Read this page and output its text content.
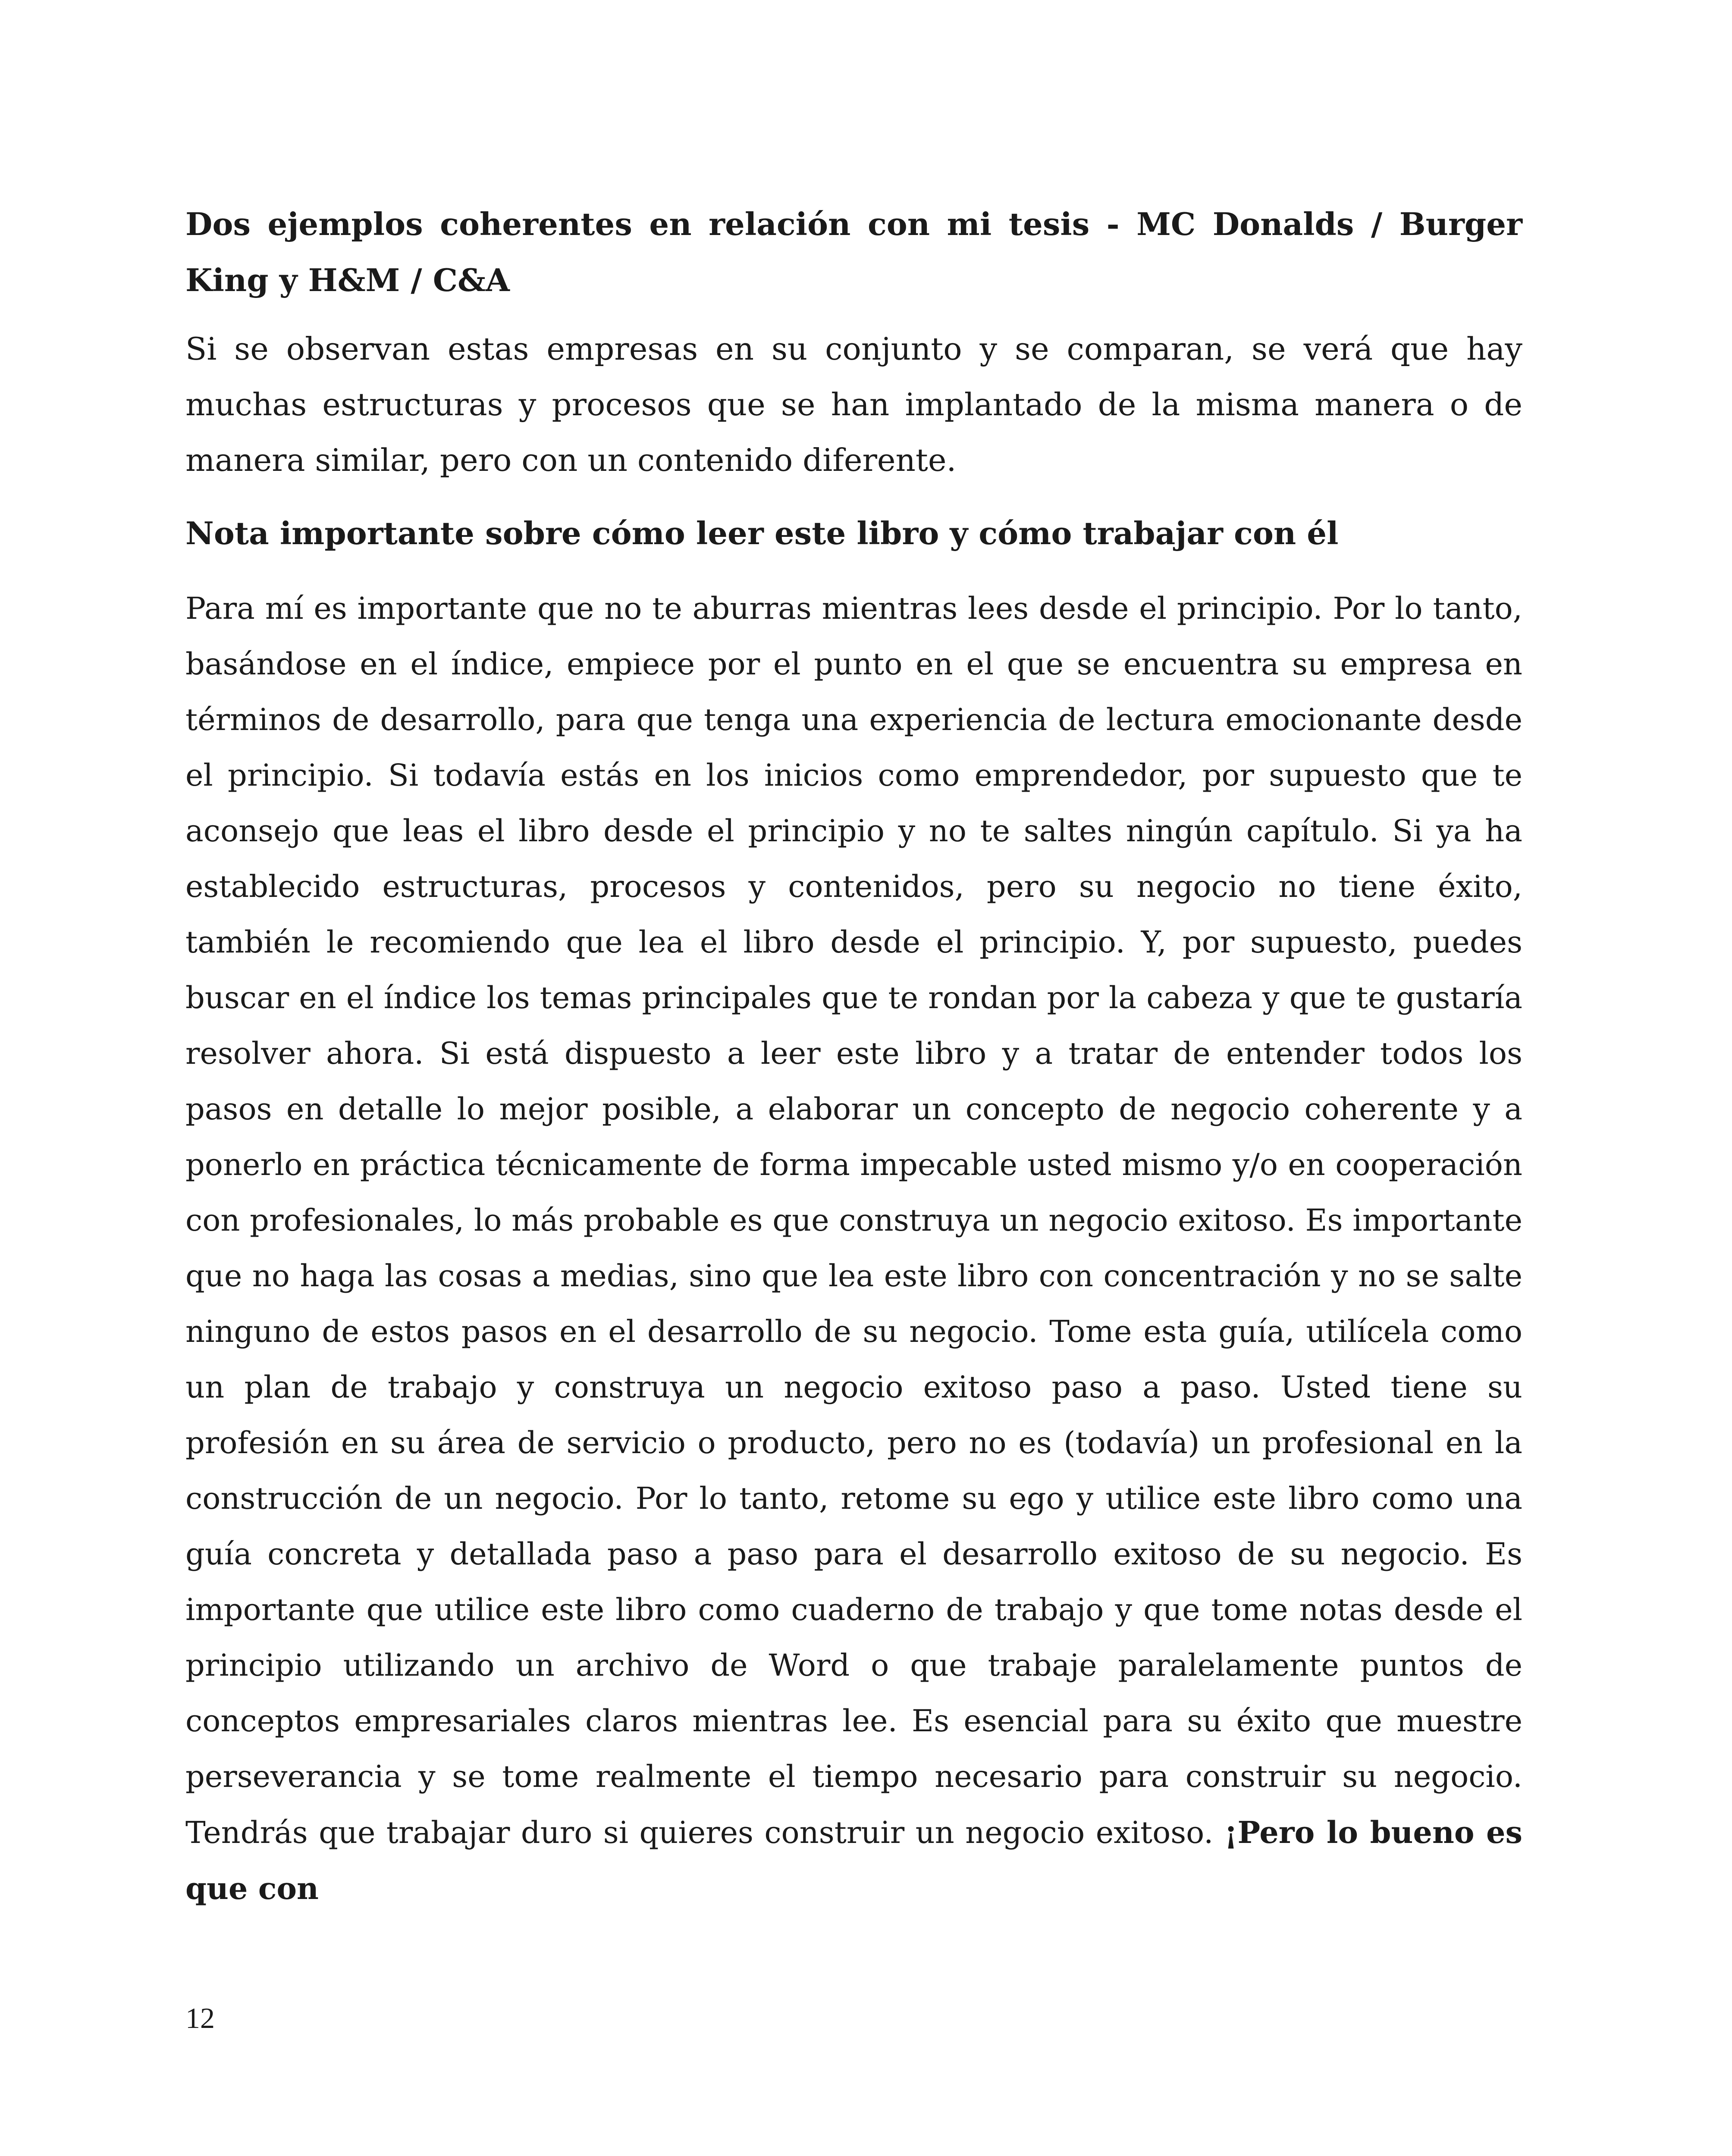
Dos ejemplos coherentes en relación con mi tesis - MC Donalds / Burger King y H&M / C&A

Si se observan estas empresas en su conjunto y se comparan, se verá que hay muchas estructuras y procesos que se han implantado de la misma manera o de manera similar, pero con un contenido diferente.

Nota importante sobre cómo leer este libro y cómo trabajar con él

Para mí es importante que no te aburras mientras lees desde el principio. Por lo tanto, basándose en el índice, empiece por el punto en el que se encuentra su empresa en términos de desarrollo, para que tenga una experiencia de lectura emocionante desde el principio. Si todavía estás en los inicios como emprendedor, por supuesto que te aconsejo que leas el libro desde el principio y no te saltes ningún capítulo. Si ya ha establecido estructuras, procesos y contenidos, pero su negocio no tiene éxito, también le recomiendo que lea el libro desde el principio. Y, por supuesto, puedes buscar en el índice los temas principales que te rondan por la cabeza y que te gustaría resolver ahora. Si está dispuesto a leer este libro y a tratar de entender todos los pasos en detalle lo mejor posible, a elaborar un concepto de negocio coherente y a ponerlo en práctica técnicamente de forma impecable usted mismo y/o en cooperación con profesionales, lo más probable es que construya un negocio exitoso. Es importante que no haga las cosas a medias, sino que lea este libro con concentración y no se salte ninguno de estos pasos en el desarrollo de su negocio. Tome esta guía, utilícela como un plan de trabajo y construya un negocio exitoso paso a paso. Usted tiene su profesión en su área de servicio o producto, pero no es (todavía) un profesional en la construcción de un negocio. Por lo tanto, retome su ego y utilice este libro como una guía concreta y detallada paso a paso para el desarrollo exitoso de su negocio. Es importante que utilice este libro como cuaderno de trabajo y que tome notas desde el principio utilizando un archivo de Word o que trabaje paralelamente puntos de conceptos empresariales claros mientras lee. Es esencial para su éxito que muestre perseverancia y se tome realmente el tiempo necesario para construir su negocio. Tendrás que trabajar duro si quieres construir un negocio exitoso. ¡Pero lo bueno es que con

12
